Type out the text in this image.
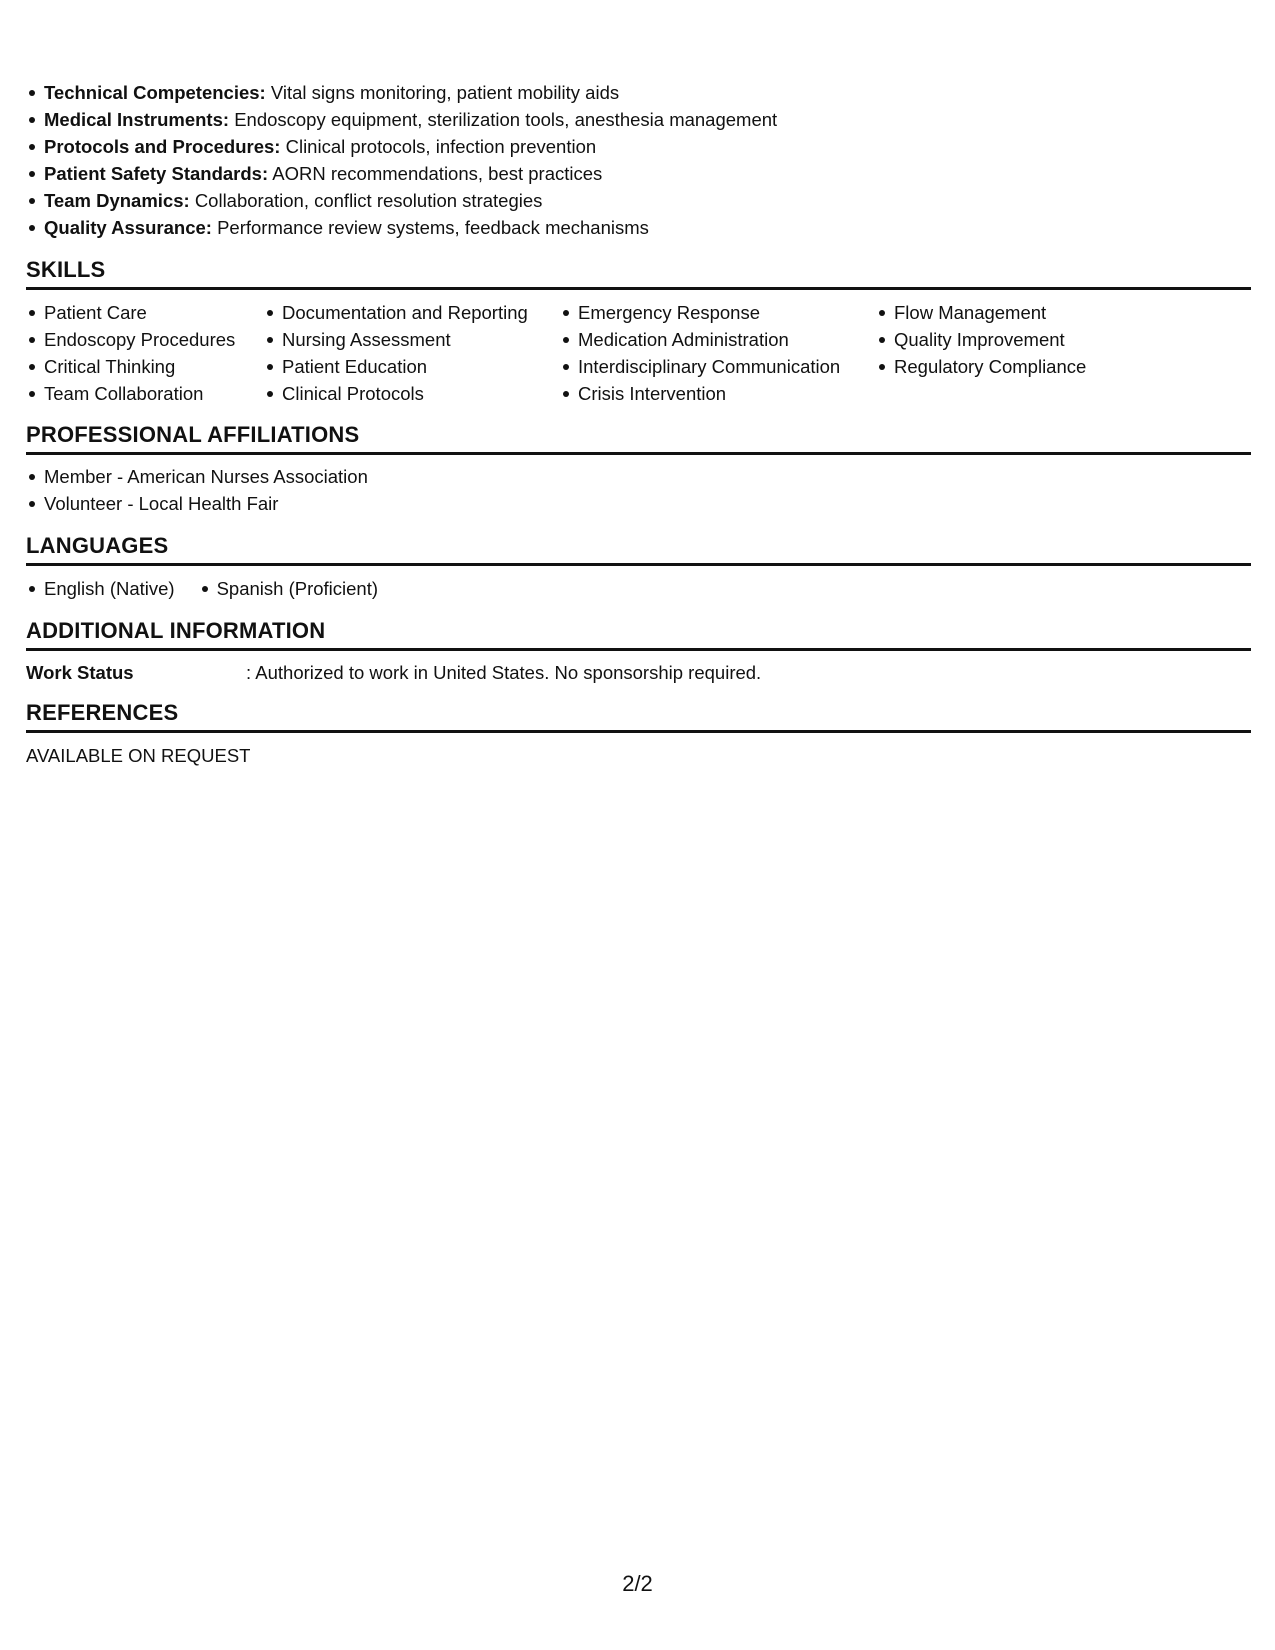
Technical Competencies: Vital signs monitoring, patient mobility aids
Medical Instruments: Endoscopy equipment, sterilization tools, anesthesia management
Protocols and Procedures: Clinical protocols, infection prevention
Patient Safety Standards: AORN recommendations, best practices
Team Dynamics: Collaboration, conflict resolution strategies
Quality Assurance: Performance review systems, feedback mechanisms
SKILLS
Patient Care
Endoscopy Procedures
Critical Thinking
Team Collaboration
Documentation and Reporting
Nursing Assessment
Patient Education
Clinical Protocols
Emergency Response
Medication Administration
Interdisciplinary Communication
Crisis Intervention
Flow Management
Quality Improvement
Regulatory Compliance
PROFESSIONAL AFFILIATIONS
Member - American Nurses Association
Volunteer - Local Health Fair
LANGUAGES
English (Native)	Spanish (Proficient)
ADDITIONAL INFORMATION
Work Status	: Authorized to work in United States. No sponsorship required.
REFERENCES
AVAILABLE ON REQUEST
2/2
